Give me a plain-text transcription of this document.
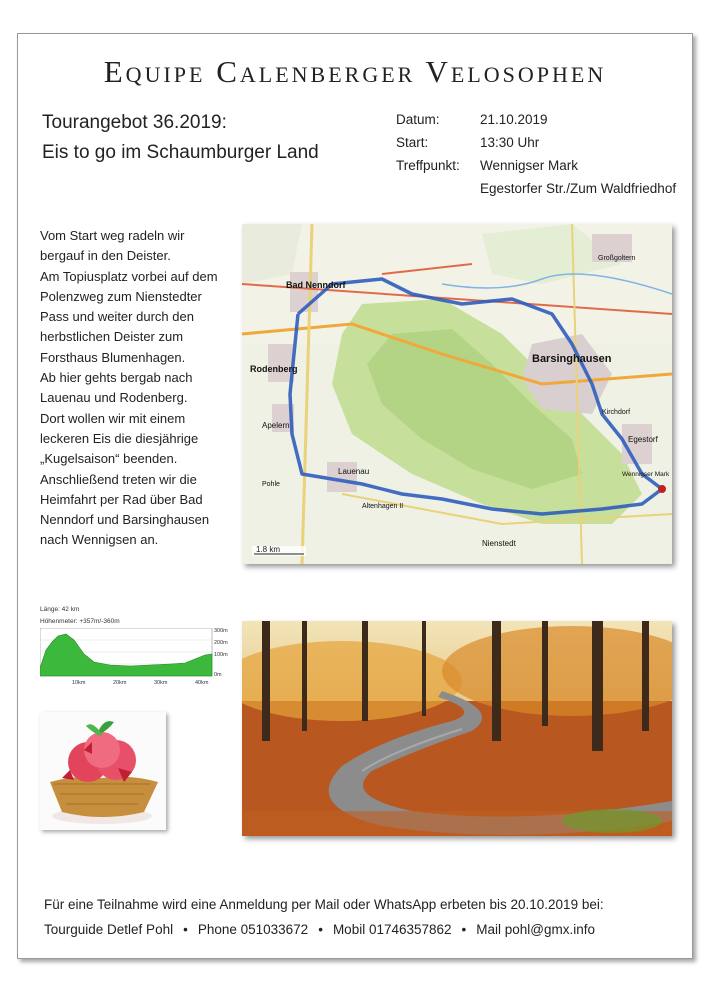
Equipe Calenberger Velosophen
Tourangebot 36.2019:
Eis to go im Schaumburger Land
Datum:	21.10.2019
Start:	13:30 Uhr
Treffpunkt:	Wennigser Mark
Egestorfer Str./Zum Waldfriedhof
Vom Start weg radeln wir
bergauf in den Deister.
Am Topiusplatz vorbei auf dem
Polenzweg zum Nienstedter
Pass und weiter durch den
herbstlichen Deister zum
Forsthaus Blumenhagen.
Ab hier gehts bergab nach
Lauenau und Rodenberg.
Dort wollen wir mit einem
leckeren Eis die diesjährige
„Kugelsaison“ beenden.
Anschließend treten wir die
Heimfahrt per Rad über Bad
Nenndorf und Barsinghausen
nach Wennigsen an.
1.8 km
Bad Nenndorf
Rodenberg
Barsinghausen
Lauenau
Apelern
Egestorf
Kirchdorf
Nienstedt
Großgoltern
Wennigser Mark
Altenhagen II
Pohle
Länge: 42 km
Höhenmeter: +357m/-360m
300m
200m
100m
0m
10km	20km	30km	40km
Für eine Teilnahme wird eine Anmeldung per Mail oder WhatsApp erbeten bis 20.10.2019 bei:
Tourguide Detlef Pohl • Phone 051033672 • Mobil 01746357862 • Mail pohl@gmx.info
